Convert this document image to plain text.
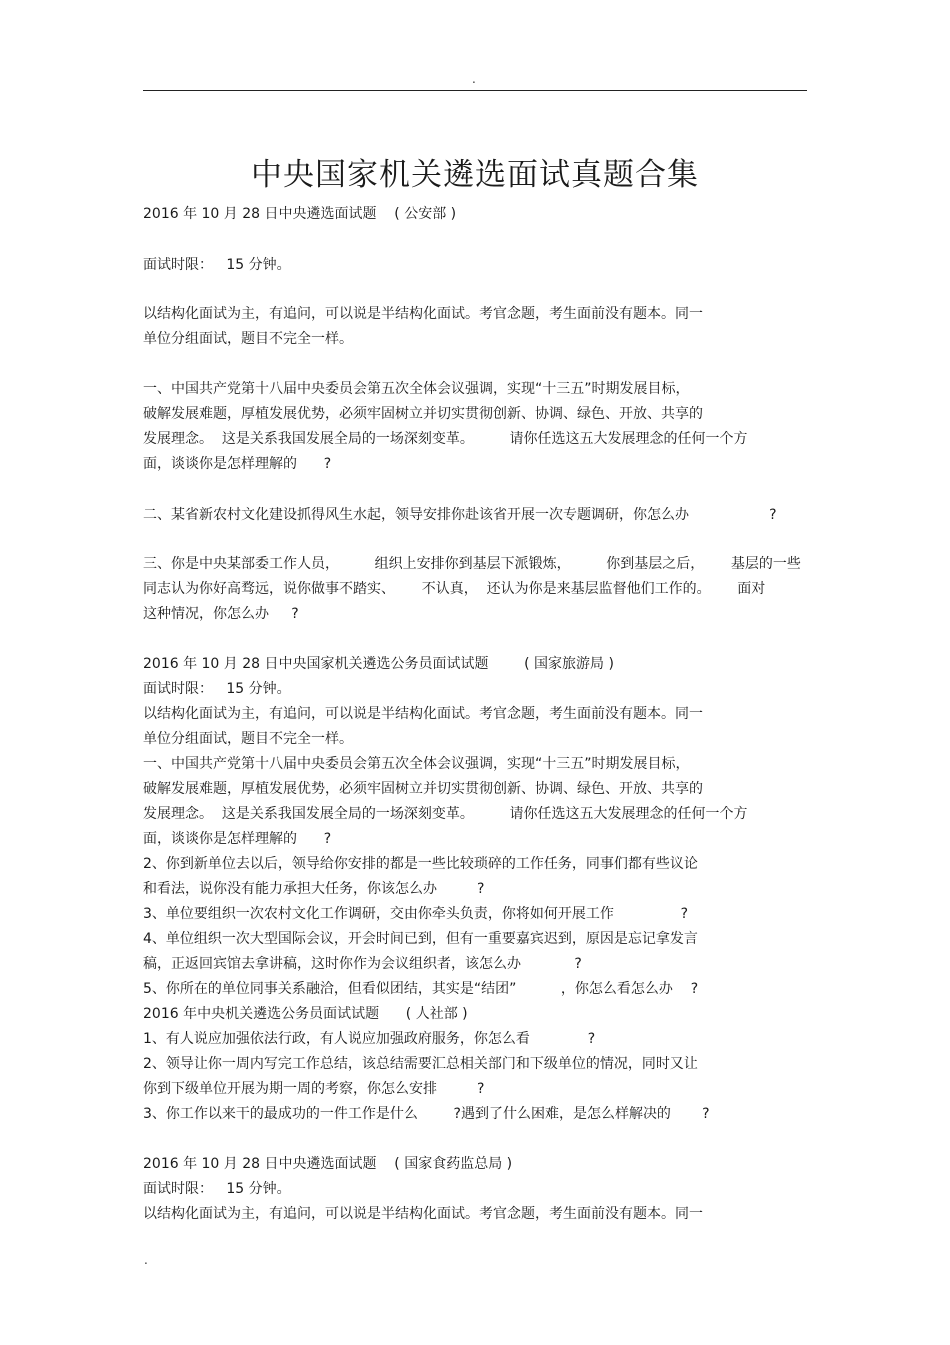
.
中央国家机关遴选面试真题合集
2016 年 10 月 28 日中央遴选面试题    ( 公安部 )
面试时限：   15 分钟。
以结构化面试为主，有追问，可以说是半结构化面试。考官念题，考生面前没有题本。同一
单位分组面试，题目不完全一样。
一、中国共产党第十八届中央委员会第五次全体会议强调，实现“十三五”时期发展目标，
破解发展难题，厚植发展优势，必须牢固树立并切实贯彻创新、协调、绿色、开放、共享的
发展理念。  这是关系我国发展全局的一场深刻变革。        请你任选这五大发展理念的任何一个方
面，谈谈你是怎样理解的      ?
二、某省新农村文化建设抓得风生水起，领导安排你赴该省开展一次专题调研，你怎么办                  ?
三、你是中央某部委工作人员，        组织上安排你到基层下派锻炼，        你到基层之后，      基层的一些
同志认为你好高骛远，说你做事不踏实、      不认真，  还认为你是来基层监督他们工作的。      面对
这种情况，你怎么办     ?
2016 年 10 月 28 日中央国家机关遴选公务员面试试题        ( 国家旅游局 )
面试时限：   15 分钟。
以结构化面试为主，有追问，可以说是半结构化面试。考官念题，考生面前没有题本。同一
单位分组面试，题目不完全一样。
一、中国共产党第十八届中央委员会第五次全体会议强调，实现“十三五”时期发展目标，
破解发展难题，厚植发展优势，必须牢固树立并切实贯彻创新、协调、绿色、开放、共享的
发展理念。  这是关系我国发展全局的一场深刻变革。        请你任选这五大发展理念的任何一个方
面，谈谈你是怎样理解的      ?
2、你到新单位去以后，领导给你安排的都是一些比较琐碎的工作任务，同事们都有些议论
和看法，说你没有能力承担大任务，你该怎么办         ?
3、单位要组织一次农村文化工作调研，交由你牵头负责，你将如何开展工作               ?
4、单位组织一次大型国际会议，开会时间已到，但有一重要嘉宾迟到，原因是忘记拿发言
稿，正返回宾馆去拿讲稿，这时你作为会议组织者，该怎么办            ?
5、你所在的单位同事关系融洽，但看似团结，其实是“结团”          ，你怎么看怎么办    ?
2016 年中央机关遴选公务员面试试题      ( 人社部 )
1、有人说应加强依法行政，有人说应加强政府服务，你怎么看             ?
2、领导让你一周内写完工作总结，该总结需要汇总相关部门和下级单位的情况，同时又让
你到下级单位开展为期一周的考察，你怎么安排         ?
3、你工作以来干的最成功的一件工作是什么        ?遇到了什么困难，是怎么样解决的       ?
2016 年 10 月 28 日中央遴选面试题    ( 国家食药监总局 )
面试时限：   15 分钟。
以结构化面试为主，有追问，可以说是半结构化面试。考官念题，考生面前没有题本。同一
.
